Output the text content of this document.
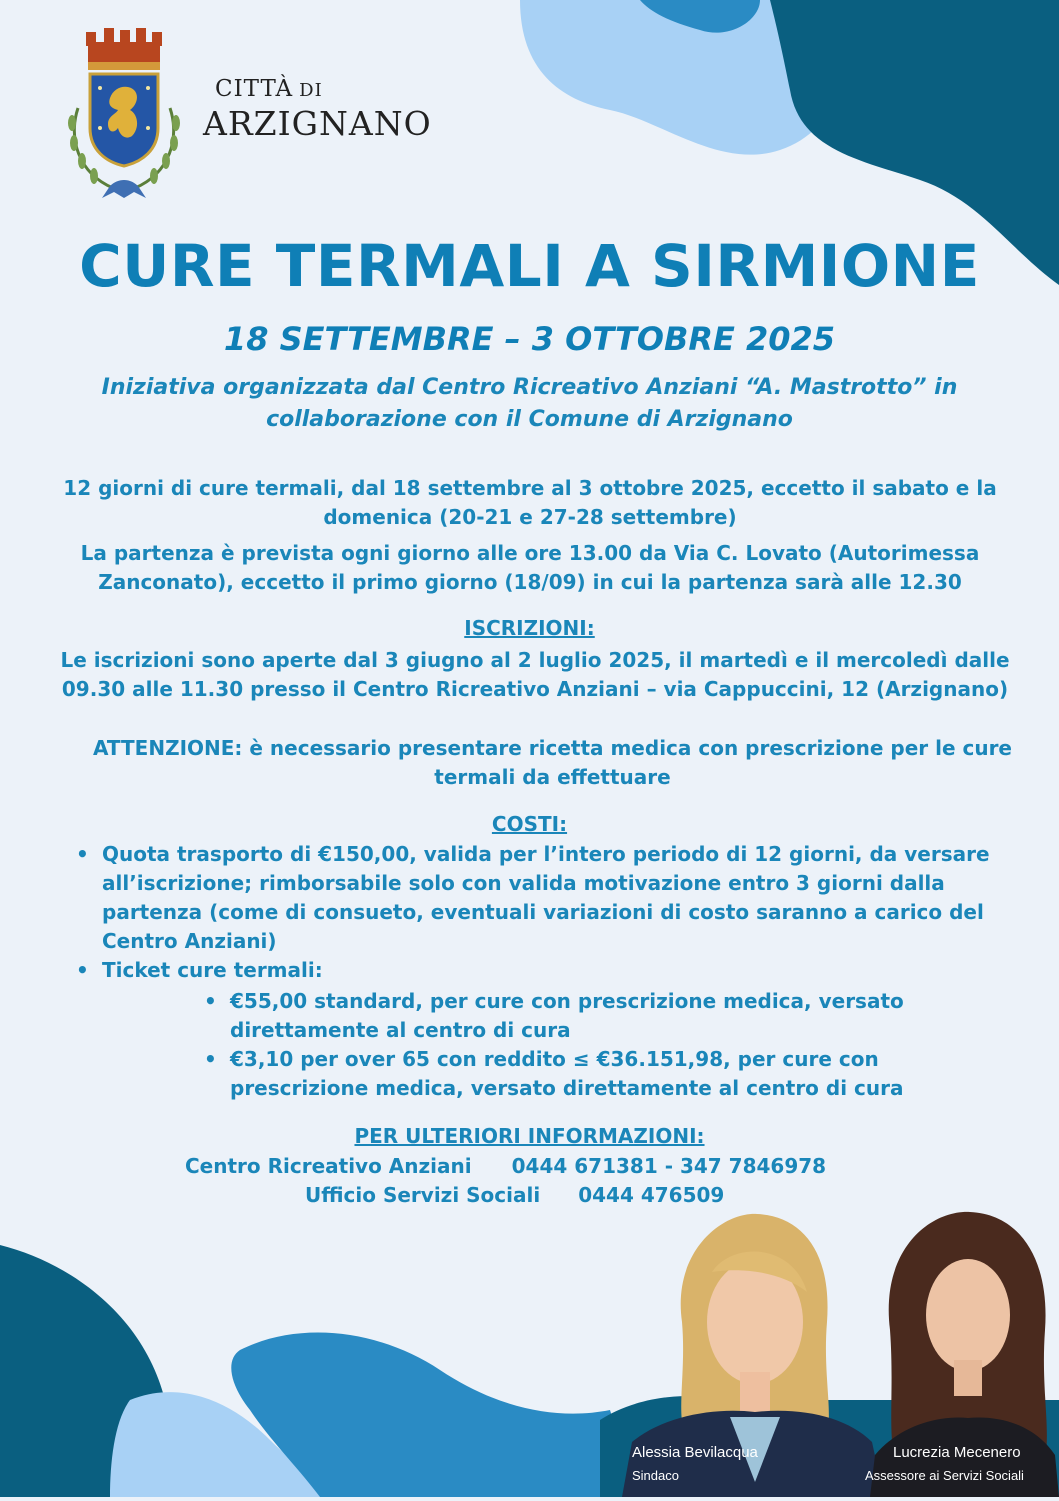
CITTÀ DI
ARZIGNANO
CURE TERMALI A SIRMIONE
18 SETTEMBRE – 3 OTTOBRE 2025
Iniziativa organizzata dal Centro Ricreativo Anziani “A. Mastrotto” in collaborazione con il Comune di Arzignano
12 giorni di cure termali, dal 18 settembre al 3 ottobre 2025, eccetto il sabato e la domenica (20-21 e 27-28 settembre)
La partenza è prevista ogni giorno alle ore 13.00 da Via C. Lovato (Autorimessa Zanconato), eccetto il primo giorno (18/09) in cui la partenza sarà alle 12.30
ISCRIZIONI:
Le iscrizioni sono aperte dal 3 giugno al 2 luglio 2025, il martedì e il mercoledì dalle 09.30 alle 11.30 presso il Centro Ricreativo Anziani – via Cappuccini, 12 (Arzignano)
ATTENZIONE: è necessario presentare ricetta medica con prescrizione per le cure termali da effettuare
COSTI:
• Quota trasporto di €150,00, valida per l’intero periodo di 12 giorni, da versare all’iscrizione; rimborsabile solo con valida motivazione entro 3 giorni dalla partenza (come di consueto, eventuali variazioni di costo saranno a carico del Centro Anziani)
• Ticket cure termali:
• €55,00 standard, per cure con prescrizione medica, versato direttamente al centro di cura
• €3,10 per over 65 con reddito ≤ €36.151,98, per cure con prescrizione medica, versato direttamente al centro di cura
PER ULTERIORI INFORMAZIONI:
Centro Ricreativo Anziani 0444 671381 - 347 7846978
Ufficio Servizi Sociali 0444 476509
Alessia Bevilacqua
Sindaco
Lucrezia Mecenero
Assessore ai Servizi Sociali
